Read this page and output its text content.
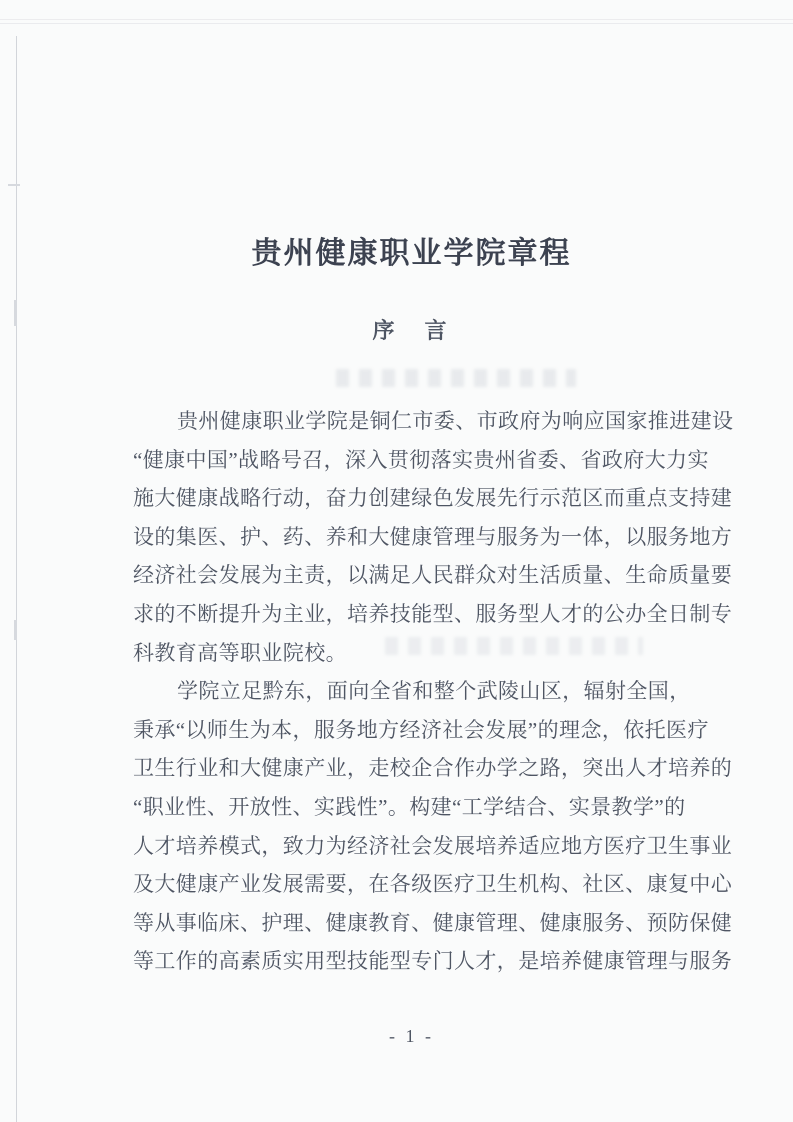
贵州健康职业学院章程
序　言
贵州健康职业学院是铜仁市委、市政府为响应国家推进建设
“健康中国”战略号召，深入贯彻落实贵州省委、省政府大力实
施大健康战略行动，奋力创建绿色发展先行示范区而重点支持建
设的集医、护、药、养和大健康管理与服务为一体，以服务地方
经济社会发展为主责，以满足人民群众对生活质量、生命质量要
求的不断提升为主业，培养技能型、服务型人才的公办全日制专
科教育高等职业院校。
学院立足黔东，面向全省和整个武陵山区，辐射全国，
秉承“以师生为本，服务地方经济社会发展”的理念，依托医疗
卫生行业和大健康产业，走校企合作办学之路，突出人才培养的
“职业性、开放性、实践性”。构建“工学结合、实景教学”的
人才培养模式，致力为经济社会发展培养适应地方医疗卫生事业
及大健康产业发展需要，在各级医疗卫生机构、社区、康复中心
等从事临床、护理、健康教育、健康管理、健康服务、预防保健
等工作的高素质实用型技能型专门人才，是培养健康管理与服务
- 1 -
